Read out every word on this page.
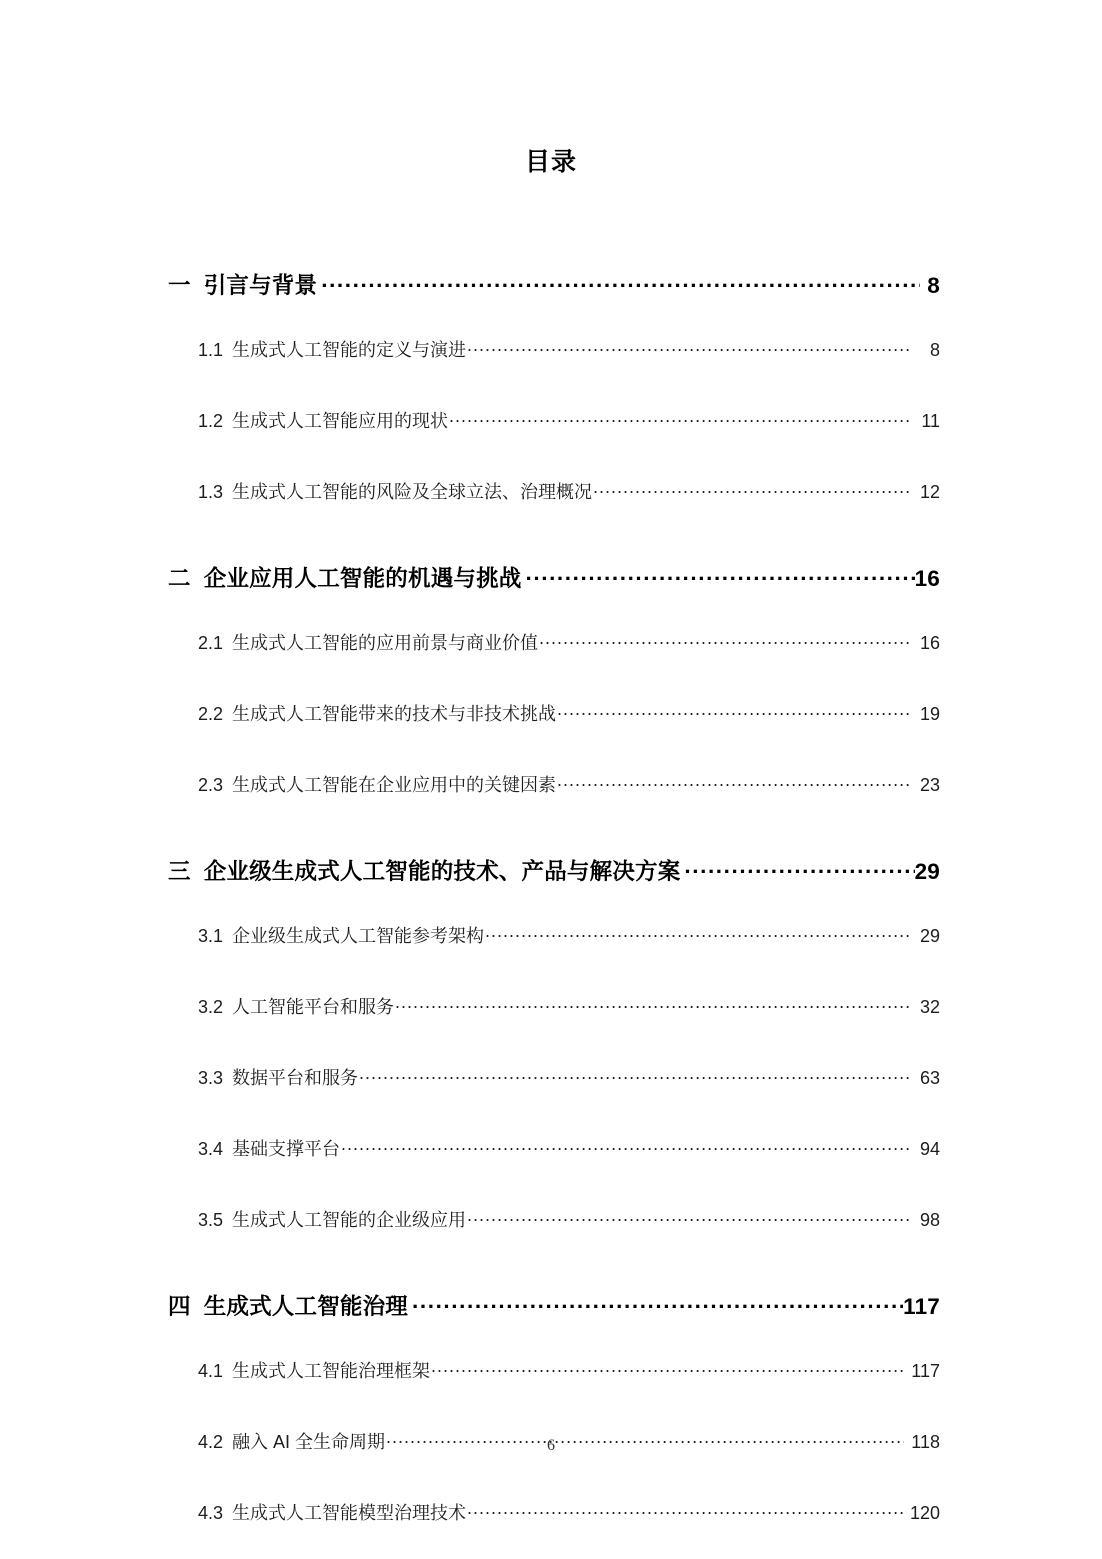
目录
一 引言与背景 .....	8
1.1 生成式人工智能的定义与演进 .....	8
1.2 生成式人工智能应用的现状 .....	11
1.3 生成式人工智能的风险及全球立法、治理概况 .....	12
二 企业应用人工智能的机遇与挑战 .....	16
2.1 生成式人工智能的应用前景与商业价值 .....	16
2.2 生成式人工智能带来的技术与非技术挑战 .....	19
2.3 生成式人工智能在企业应用中的关键因素 .....	23
三 企业级生成式人工智能的技术、产品与解决方案 .....	29
3.1 企业级生成式人工智能参考架构 .....	29
3.2 人工智能平台和服务 .....	32
3.3 数据平台和服务 .....	63
3.4 基础支撑平台 .....	94
3.5 生成式人工智能的企业级应用 .....	98
四 生成式人工智能治理 .....	117
4.1 生成式人工智能治理框架 .....	117
4.2 融入 AI 全生命周期 .....	118
4.3 生成式人工智能模型治理技术 .....	120
6
